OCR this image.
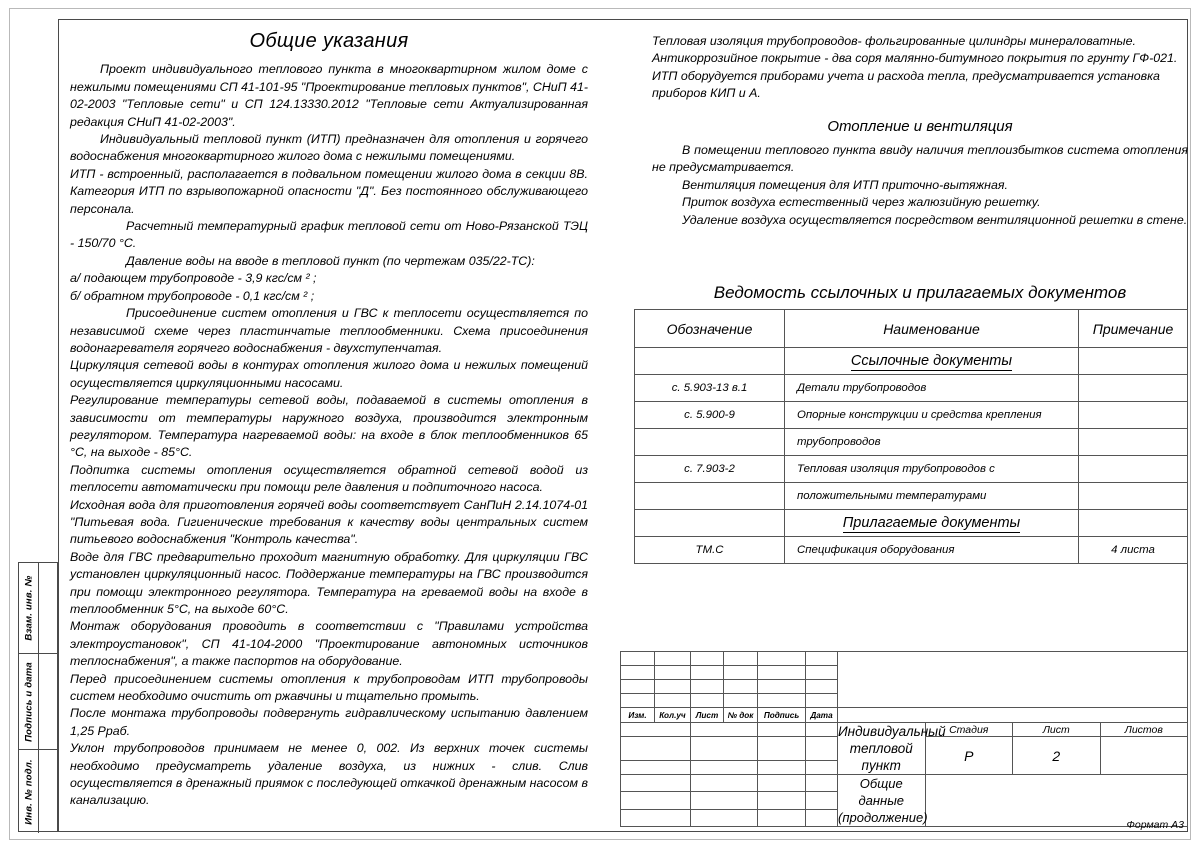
Взам. инв. №
Подпись и дата
Инв. № подл.
Общие указания

Проект индивидуального теплового пункта в многоквартирном жилом доме с нежилыми помещениями СП 41-101-95 "Проектирование тепловых пунктов", СНиП 41-02-2003 "Тепловые сети" и СП 124.13330.2012 "Тепловые сети Актуализированная редакция СНиП 41-02-2003".

Индивидуальный тепловой пункт (ИТП) предназначен для отопления и горячего водоснабжения многоквартирного жилого дома с нежилыми помещениями.

ИТП - встроенный, располагается в подвальном помещении жилого дома в секции 8В. Категория ИТП по взрывопожарной опасности "Д". Без постоянного обслуживающего персонала.

Расчетный температурный график тепловой сети от Ново-Рязанской ТЭЦ - 150/70 °С.

Давление воды на вводе в тепловой пункт (по чертежам 035/22-ТС):

а/ подающем трубопроводе - 3,9 кгс/см ² ;

б/ обратном трубопроводе - 0,1 кгс/см ² ;

Присоединение систем отопления и ГВС к теплосети осуществляется по независимой схеме через пластинчатые теплообменники. Схема присоединения водонагревателя горячего водоснабжения - двухступенчатая.

Циркуляция сетевой воды в контурах отопления жилого дома и нежилых помещений осуществляется циркуляционными насосами.

Регулирование температуры сетевой воды, подаваемой в системы отопления в зависимости от температуры наружного воздуха, производится электронным регулятором. Температура нагреваемой воды: на входе в блок теплообменников 65 °С, на выходе - 85°С.

Подпитка системы отопления осуществляется обратной сетевой водой из теплосети автоматически при помощи реле давления и подпиточного насоса.

Исходная вода для приготовления горячей воды соответствует СанПиН 2.14.1074-01 "Питьевая вода. Гигиенические требования к качеству воды центральных систем питьевого водоснабжения "Контроль качества".

Воде для ГВС предварительно проходит магнитную обработку. Для циркуляции ГВС установлен циркуляционный насос. Поддержание температуры на ГВС производится при помощи электронного регулятора. Температура на греваемой воды на входе в теплообменник 5°С, на выходе 60°С.

Монтаж оборудования проводить в соответствии с "Правилами устройства электроустановок", СП 41-104-2000 "Проектирование автономных источников теплоснабжения", а также паспортов на оборудование.

Перед присоединением системы отопления к трубопроводам ИТП трубопроводы систем необходимо очистить от ржавчины и тщательно промыть.

После монтажа трубопроводы подвергнуть гидравлическому испытанию давлением 1,25 Рраб.

Уклон трубопроводов принимаем не менее 0, 002. Из верхних точек системы необходимо предусматреть удаление воздуха, из нижних - слив. Слив осуществляется в дренажный приямок с последующей откачкой дренажным насосом в канализацию.

Тепловая изоляция трубопроводов- фольгированные цилиндры минераловатные.

Антикоррозийное покрытие - два соря малянно-битумного покрытия по грунту ГФ-021.

ИТП оборудуется приборами учета и расхода тепла, предусматривается установка приборов КИП и А.

Отопление и вентиляция

В помещении теплового пункта ввиду наличия теплоизбытков система отопления не предусматривается.

Вентиляция помещения для ИТП приточно-вытяжная.

Приток воздуха естественный через жалюзийную решетку.

Удаление воздуха осуществляется посредством вентиляционной решетки в стене.

Ведомость ссылочных и прилагаемых документов
Обозначение	Наименование	Примечание
	Ссылочные документы	
с. 5.903-13 в.1	Детали трубопроводов	
с. 5.900-9	Опорные конструкции и средства крепления	
	трубопроводов	
с. 7.903-2	Тепловая изоляция трубопроводов с	
	положительными температурами	
	Прилагаемые документы	
ТМ.С	Спецификация оборудования	4 листа

Изм.	Кол.уч	Лист	№ док	Подпись	Дата				

						Индивидуальный
тепловой пункт	Стадия	Лист	Листов
							Р	2	

						Общие данные
(продолжение)			

				Формат А3
